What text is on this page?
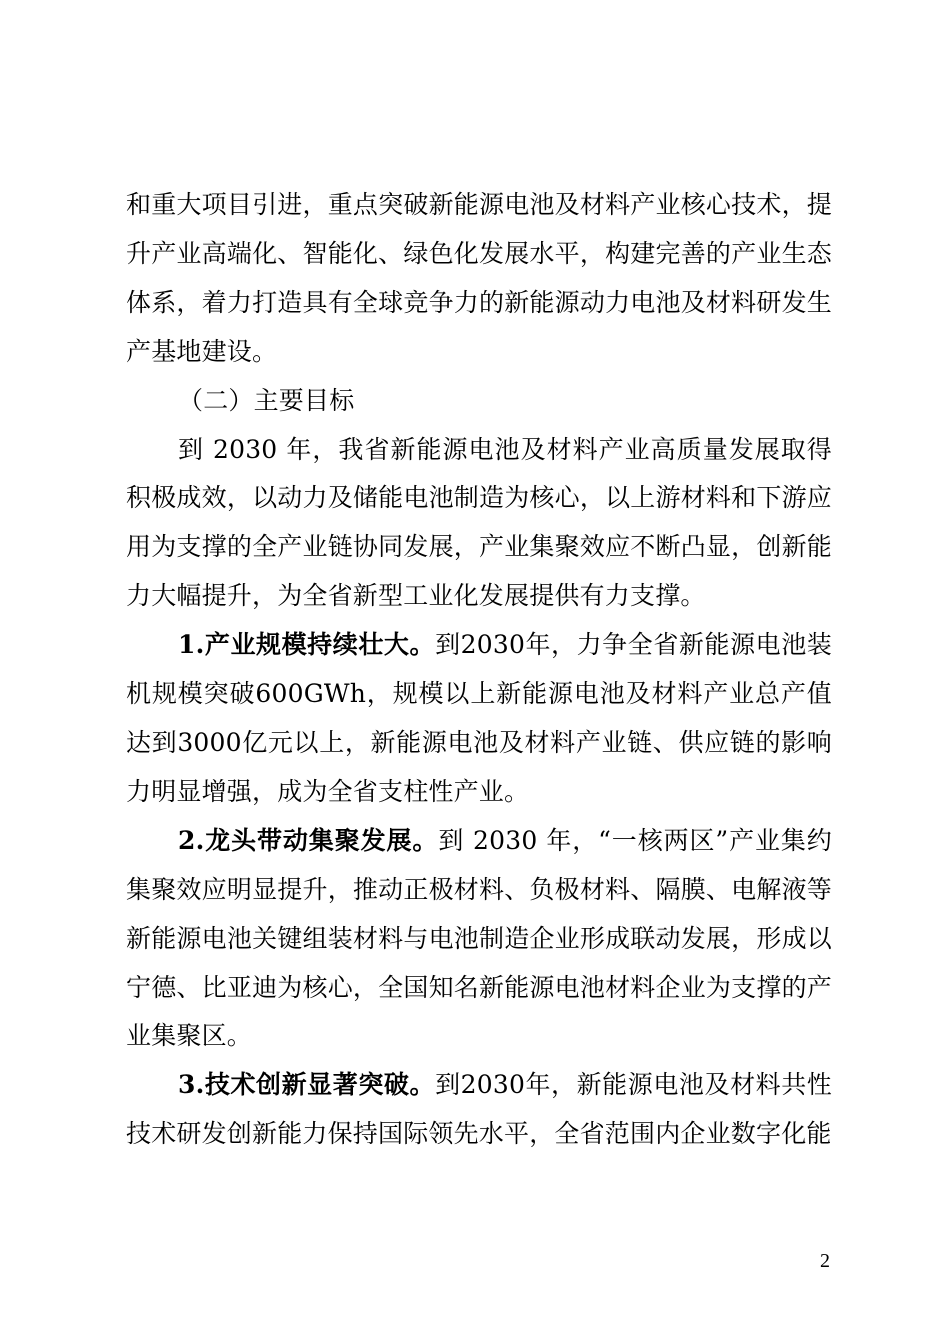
和重大项目引进，重点突破新能源电池及材料产业核心技术，提升产业高端化、智能化、绿色化发展水平，构建完善的产业生态体系，着力打造具有全球竞争力的新能源动力电池及材料研发生产基地建设。

（二）主要目标

到 2030 年，我省新能源电池及材料产业高质量发展取得积极成效，以动力及储能电池制造为核心，以上游材料和下游应用为支撑的全产业链协同发展，产业集聚效应不断凸显，创新能力大幅提升，为全省新型工业化发展提供有力支撑。

1.产业规模持续壮大。到2030年，力争全省新能源电池装机规模突破600GWh，规模以上新能源电池及材料产业总产值达到3000亿元以上，新能源电池及材料产业链、供应链的影响力明显增强，成为全省支柱性产业。

2.龙头带动集聚发展。到 2030 年，“一核两区”产业集约集聚效应明显提升，推动正极材料、负极材料、隔膜、电解液等新能源电池关键组装材料与电池制造企业形成联动发展，形成以宁德、比亚迪为核心，全国知名新能源电池材料企业为支撑的产业集聚区。

3.技术创新显著突破。到2030年，新能源电池及材料共性技术研发创新能力保持国际领先水平，全省范围内企业数字化能

2
